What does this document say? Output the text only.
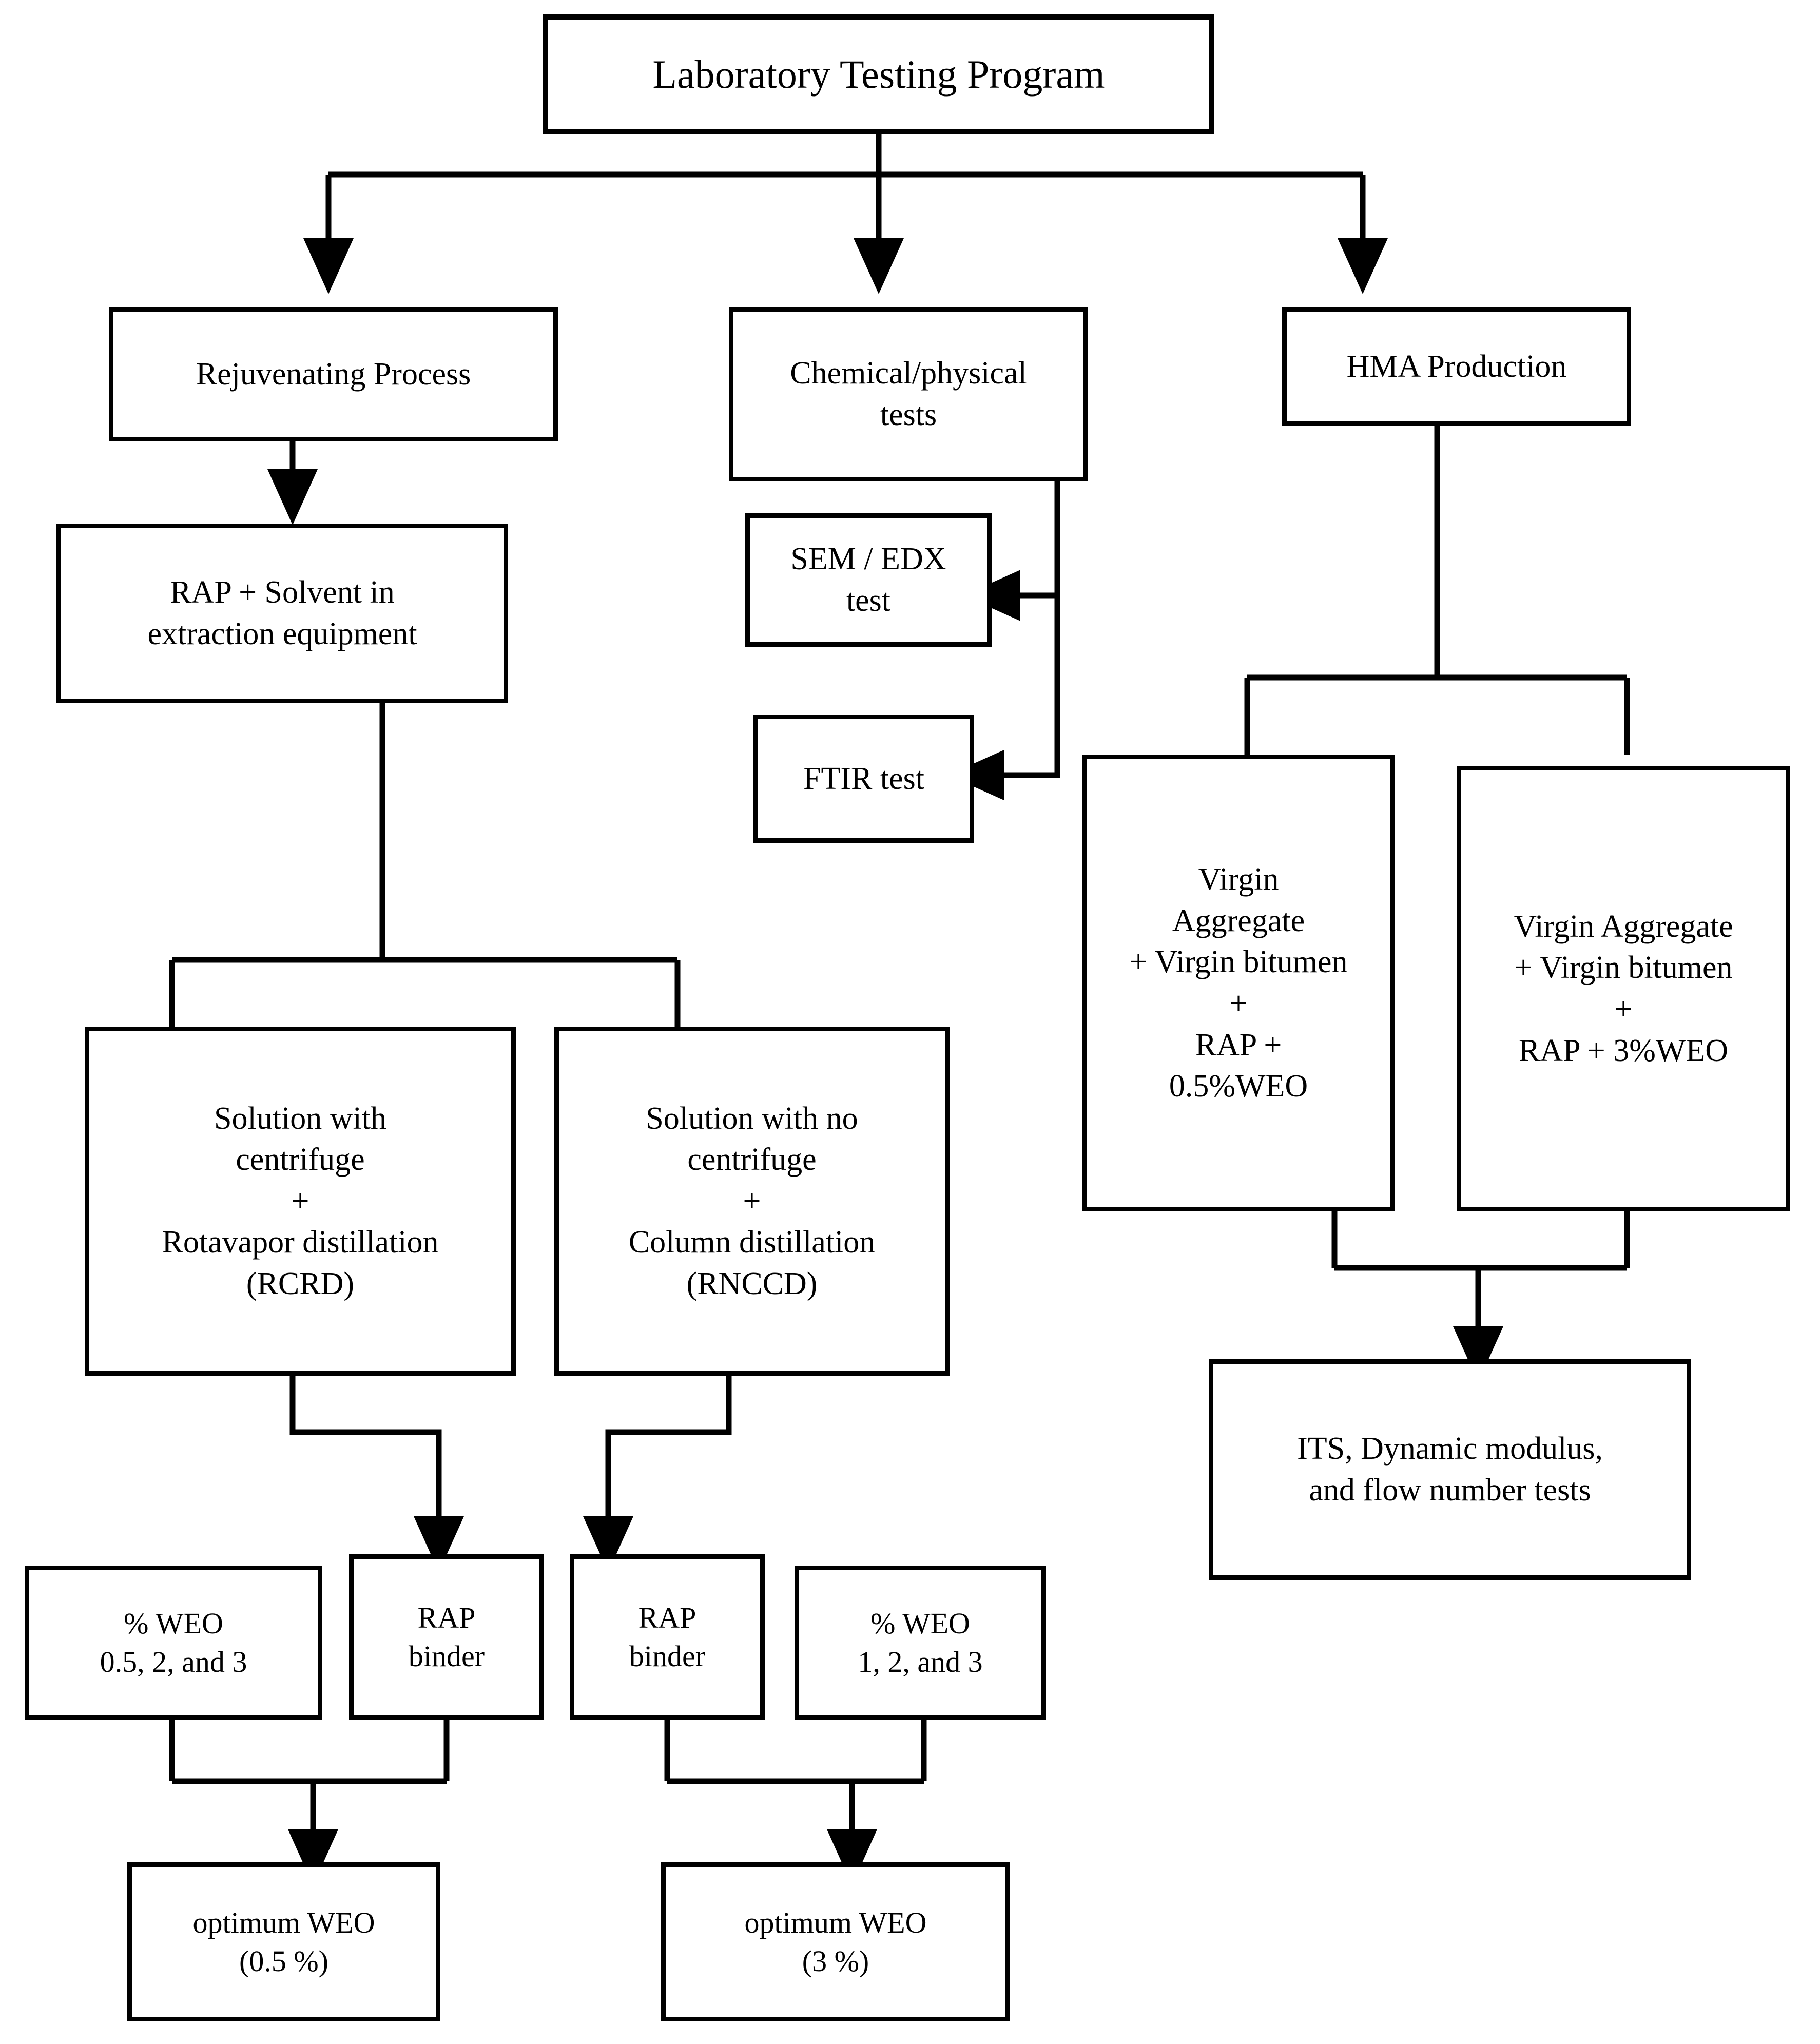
Laboratory Testing Program
Rejuvenating Process	Chemical/physical
tests
HMA Production
RAP + Solvent in
extraction equipment
SEM / EDX
test
FTIR test
Virgin
Aggregate
+ Virgin bitumen
+
RAP +
0.5%WEO
Virgin Aggregate
+ Virgin bitumen
+
RAP + 3%WEO
Solution with
centrifuge
+
Rotavapor distillation
(RCRD)
Solution with no
centrifuge
+
Column distillation
(RNCCD)
ITS, Dynamic modulus,
and flow number tests
% WEO
0.5, 2, and 3
RAP
binder
RAP
binder
% WEO
1, 2, and 3
optimum WEO
(0.5 %)
optimum WEO
(3 %)
